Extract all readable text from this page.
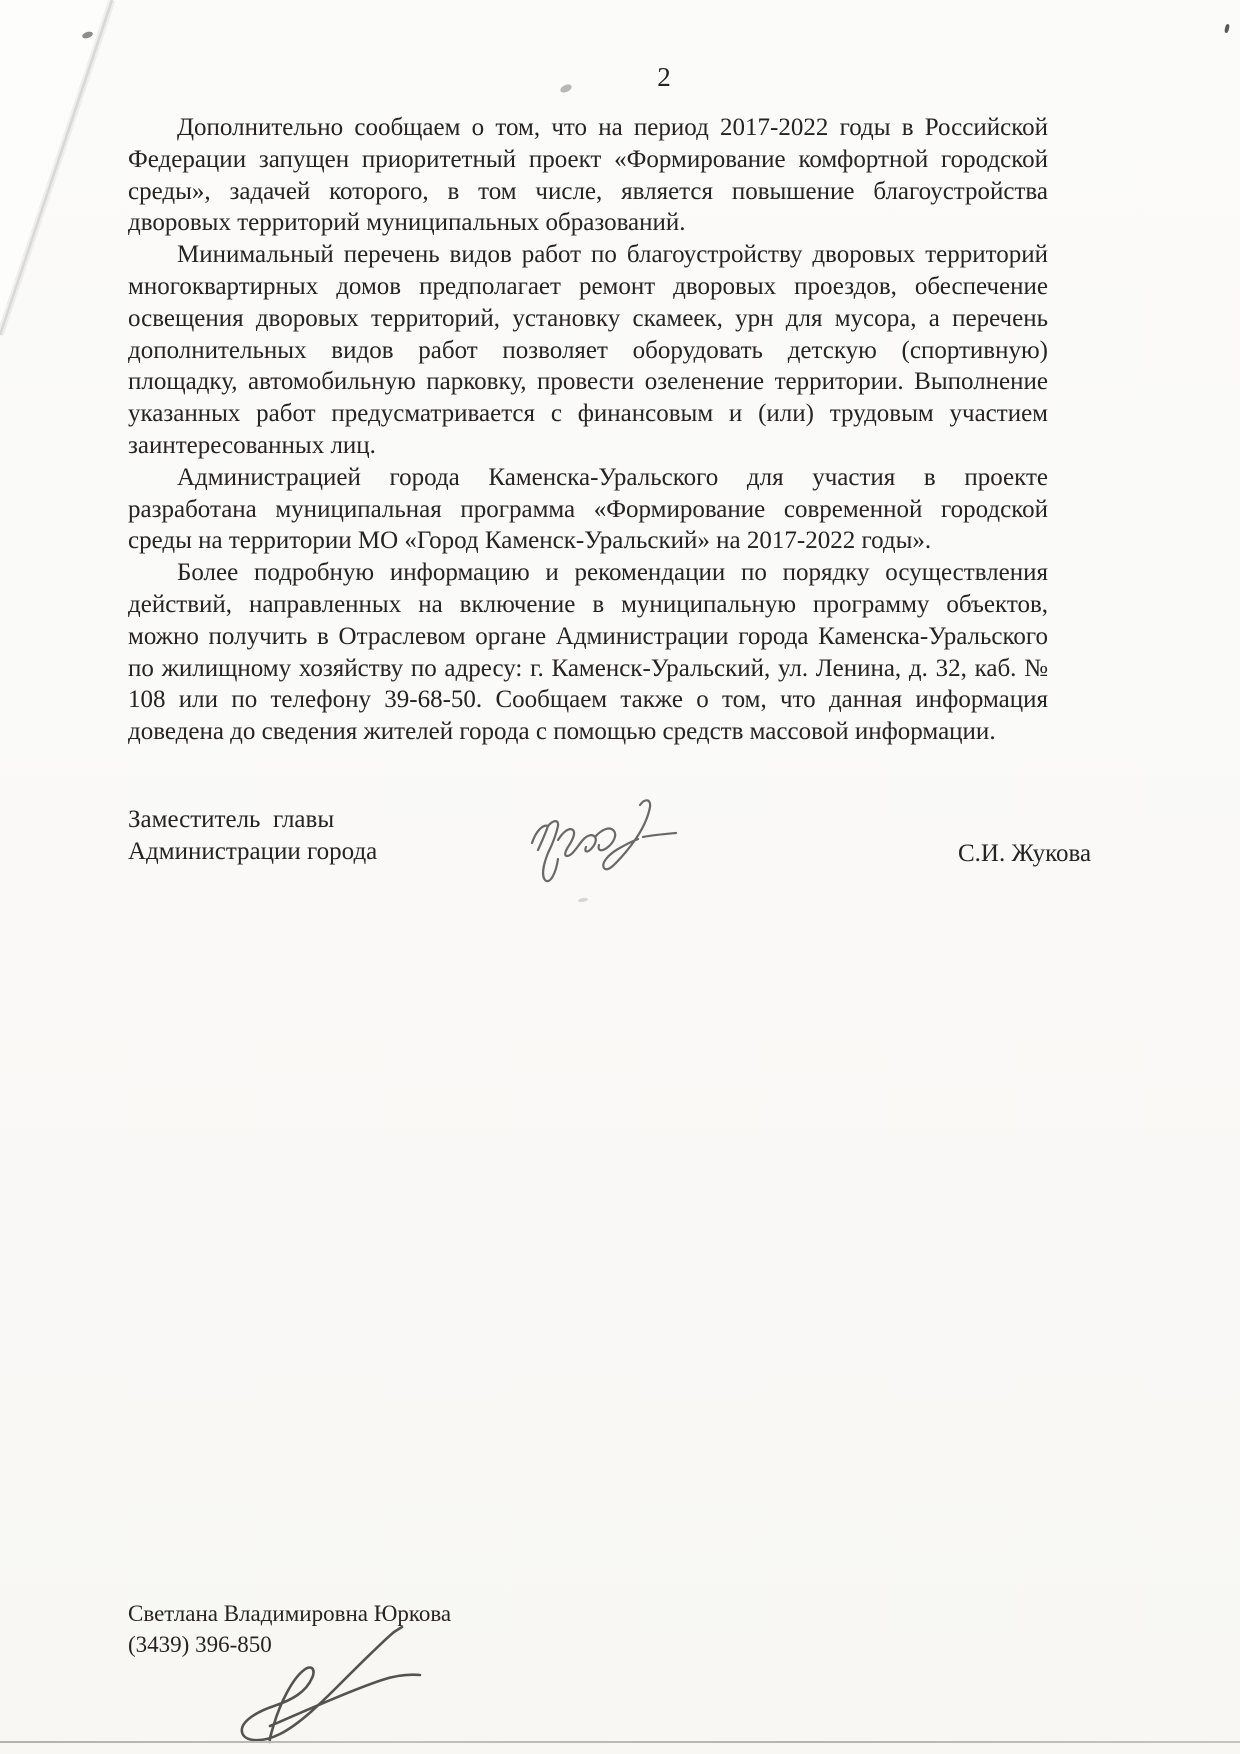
2

Дополнительно сообщаем о том, что на период 2017-2022 годы в Российской Федерации запущен приоритетный проект «Формирование комфортной городской среды», задачей которого, в том числе, является повышение благоустройства дворовых территорий муниципальных образований.

Минимальный перечень видов работ по благоустройству дворовых территорий многоквартирных домов предполагает ремонт дворовых проездов, обеспечение освещения дворовых территорий, установку скамеек, урн для мусора, а перечень дополнительных видов работ позволяет оборудовать детскую (спортивную) площадку, автомобильную парковку, провести озеленение территории. Выполнение указанных работ предусматривается с финансовым и (или) трудовым участием заинтересованных лиц.

Администрацией города Каменска-Уральского для участия в проекте разработана муниципальная программа «Формирование современной городской среды на территории МО «Город Каменск-Уральский» на 2017-2022 годы».

Более подробную информацию и рекомендации по порядку осуществления действий, направленных на включение в муниципальную программу объектов, можно получить в Отраслевом органе Администрации города Каменска-Уральского по жилищному хозяйству по адресу: г. Каменск-Уральский, ул. Ленина, д. 32, каб. № 108 или по телефону 39-68-50. Сообщаем также о том, что данная информация доведена до сведения жителей города с помощью средств массовой информации.

Заместитель  главы
Администрации города	С.И. Жукова
Светлана Владимировна Юркова
(3439) 396-850
